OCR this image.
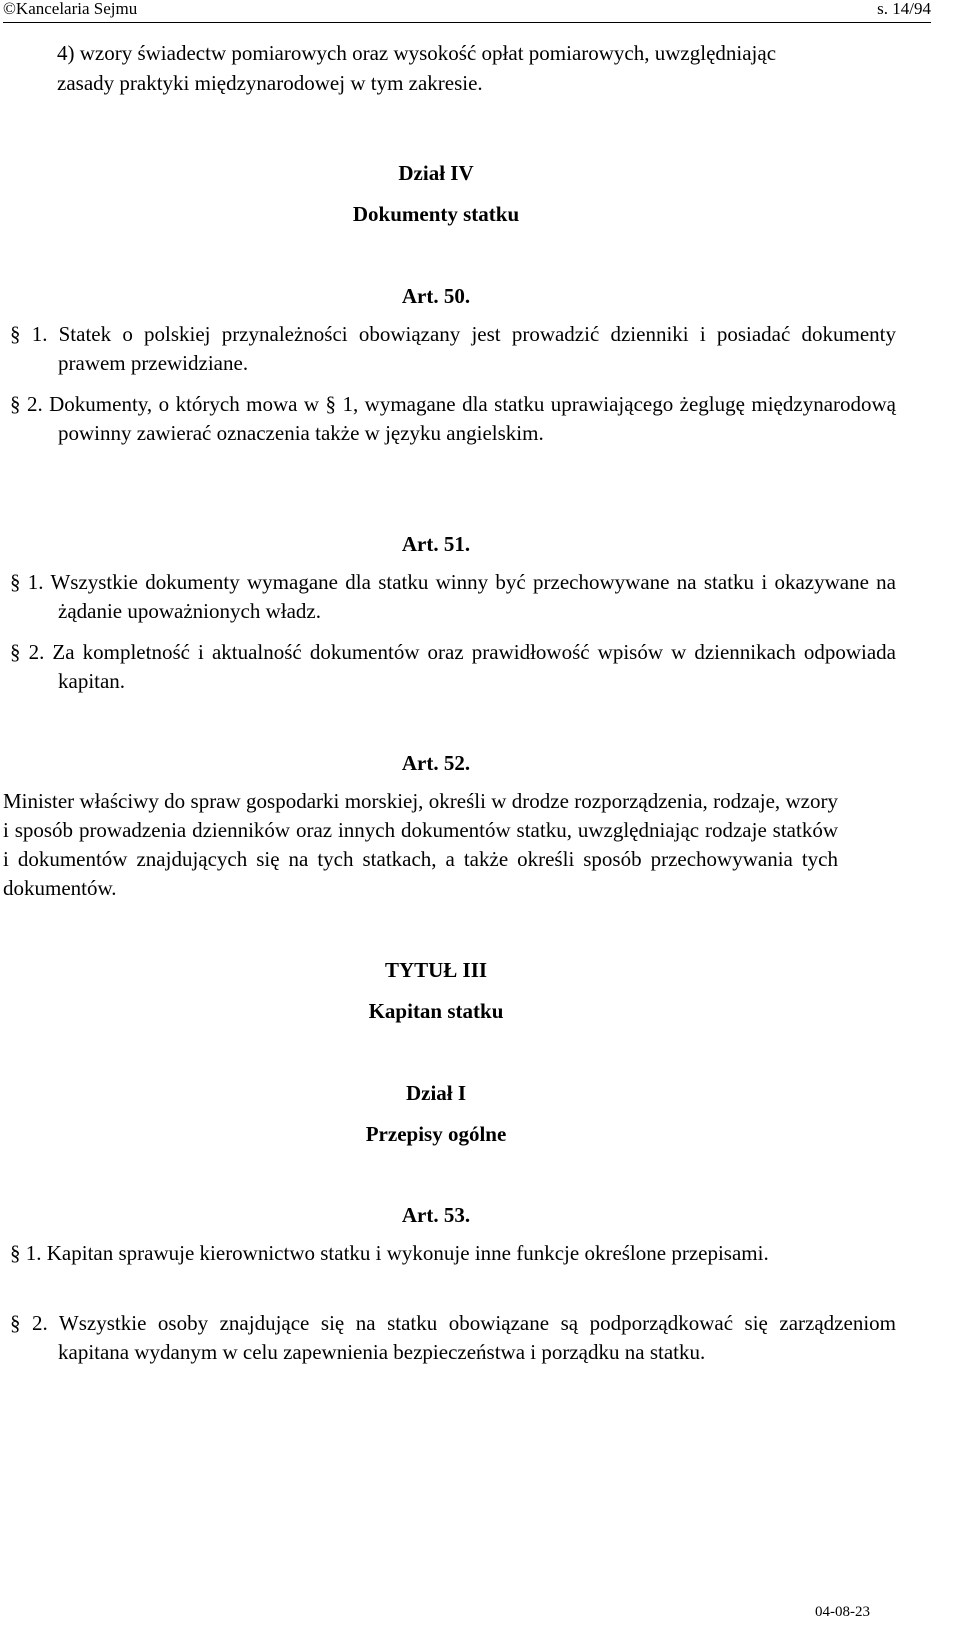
©Kancelaria Sejmu	s. 14/94
4) wzory świadectw pomiarowych oraz wysokość opłat pomiarowych, uwzględniając zasady praktyki międzynarodowej w tym zakresie.
Dział IV
Dokumenty statku
Art. 50.
§ 1. Statek o polskiej przynależności obowiązany jest prowadzić dzienniki i posiadać dokumenty prawem przewidziane.
§ 2. Dokumenty, o których mowa w § 1, wymagane dla statku uprawiającego żeglugę międzynarodową powinny zawierać oznaczenia także w języku angielskim.
Art. 51.
§ 1. Wszystkie dokumenty wymagane dla statku winny być przechowywane na statku i okazywane na żądanie upoważnionych władz.
§ 2. Za kompletność i aktualność dokumentów oraz prawidłowość wpisów w dziennikach odpowiada kapitan.
Art. 52.
Minister właściwy do spraw gospodarki morskiej, określi w drodze rozporządzenia, rodzaje, wzory i sposób prowadzenia dzienników oraz innych dokumentów statku, uwzględniając rodzaje statków i dokumentów znajdujących się na tych statkach, a także określi sposób przechowywania tych dokumentów.
TYTUŁ III
Kapitan statku
Dział I
Przepisy ogólne
Art. 53.
§ 1. Kapitan sprawuje kierownictwo statku i wykonuje inne funkcje określone przepisami.
§ 2. Wszystkie osoby znajdujące się na statku obowiązane są podporządkować się zarządzeniom kapitana wydanym w celu zapewnienia bezpieczeństwa i porządku na statku.
04-08-23
